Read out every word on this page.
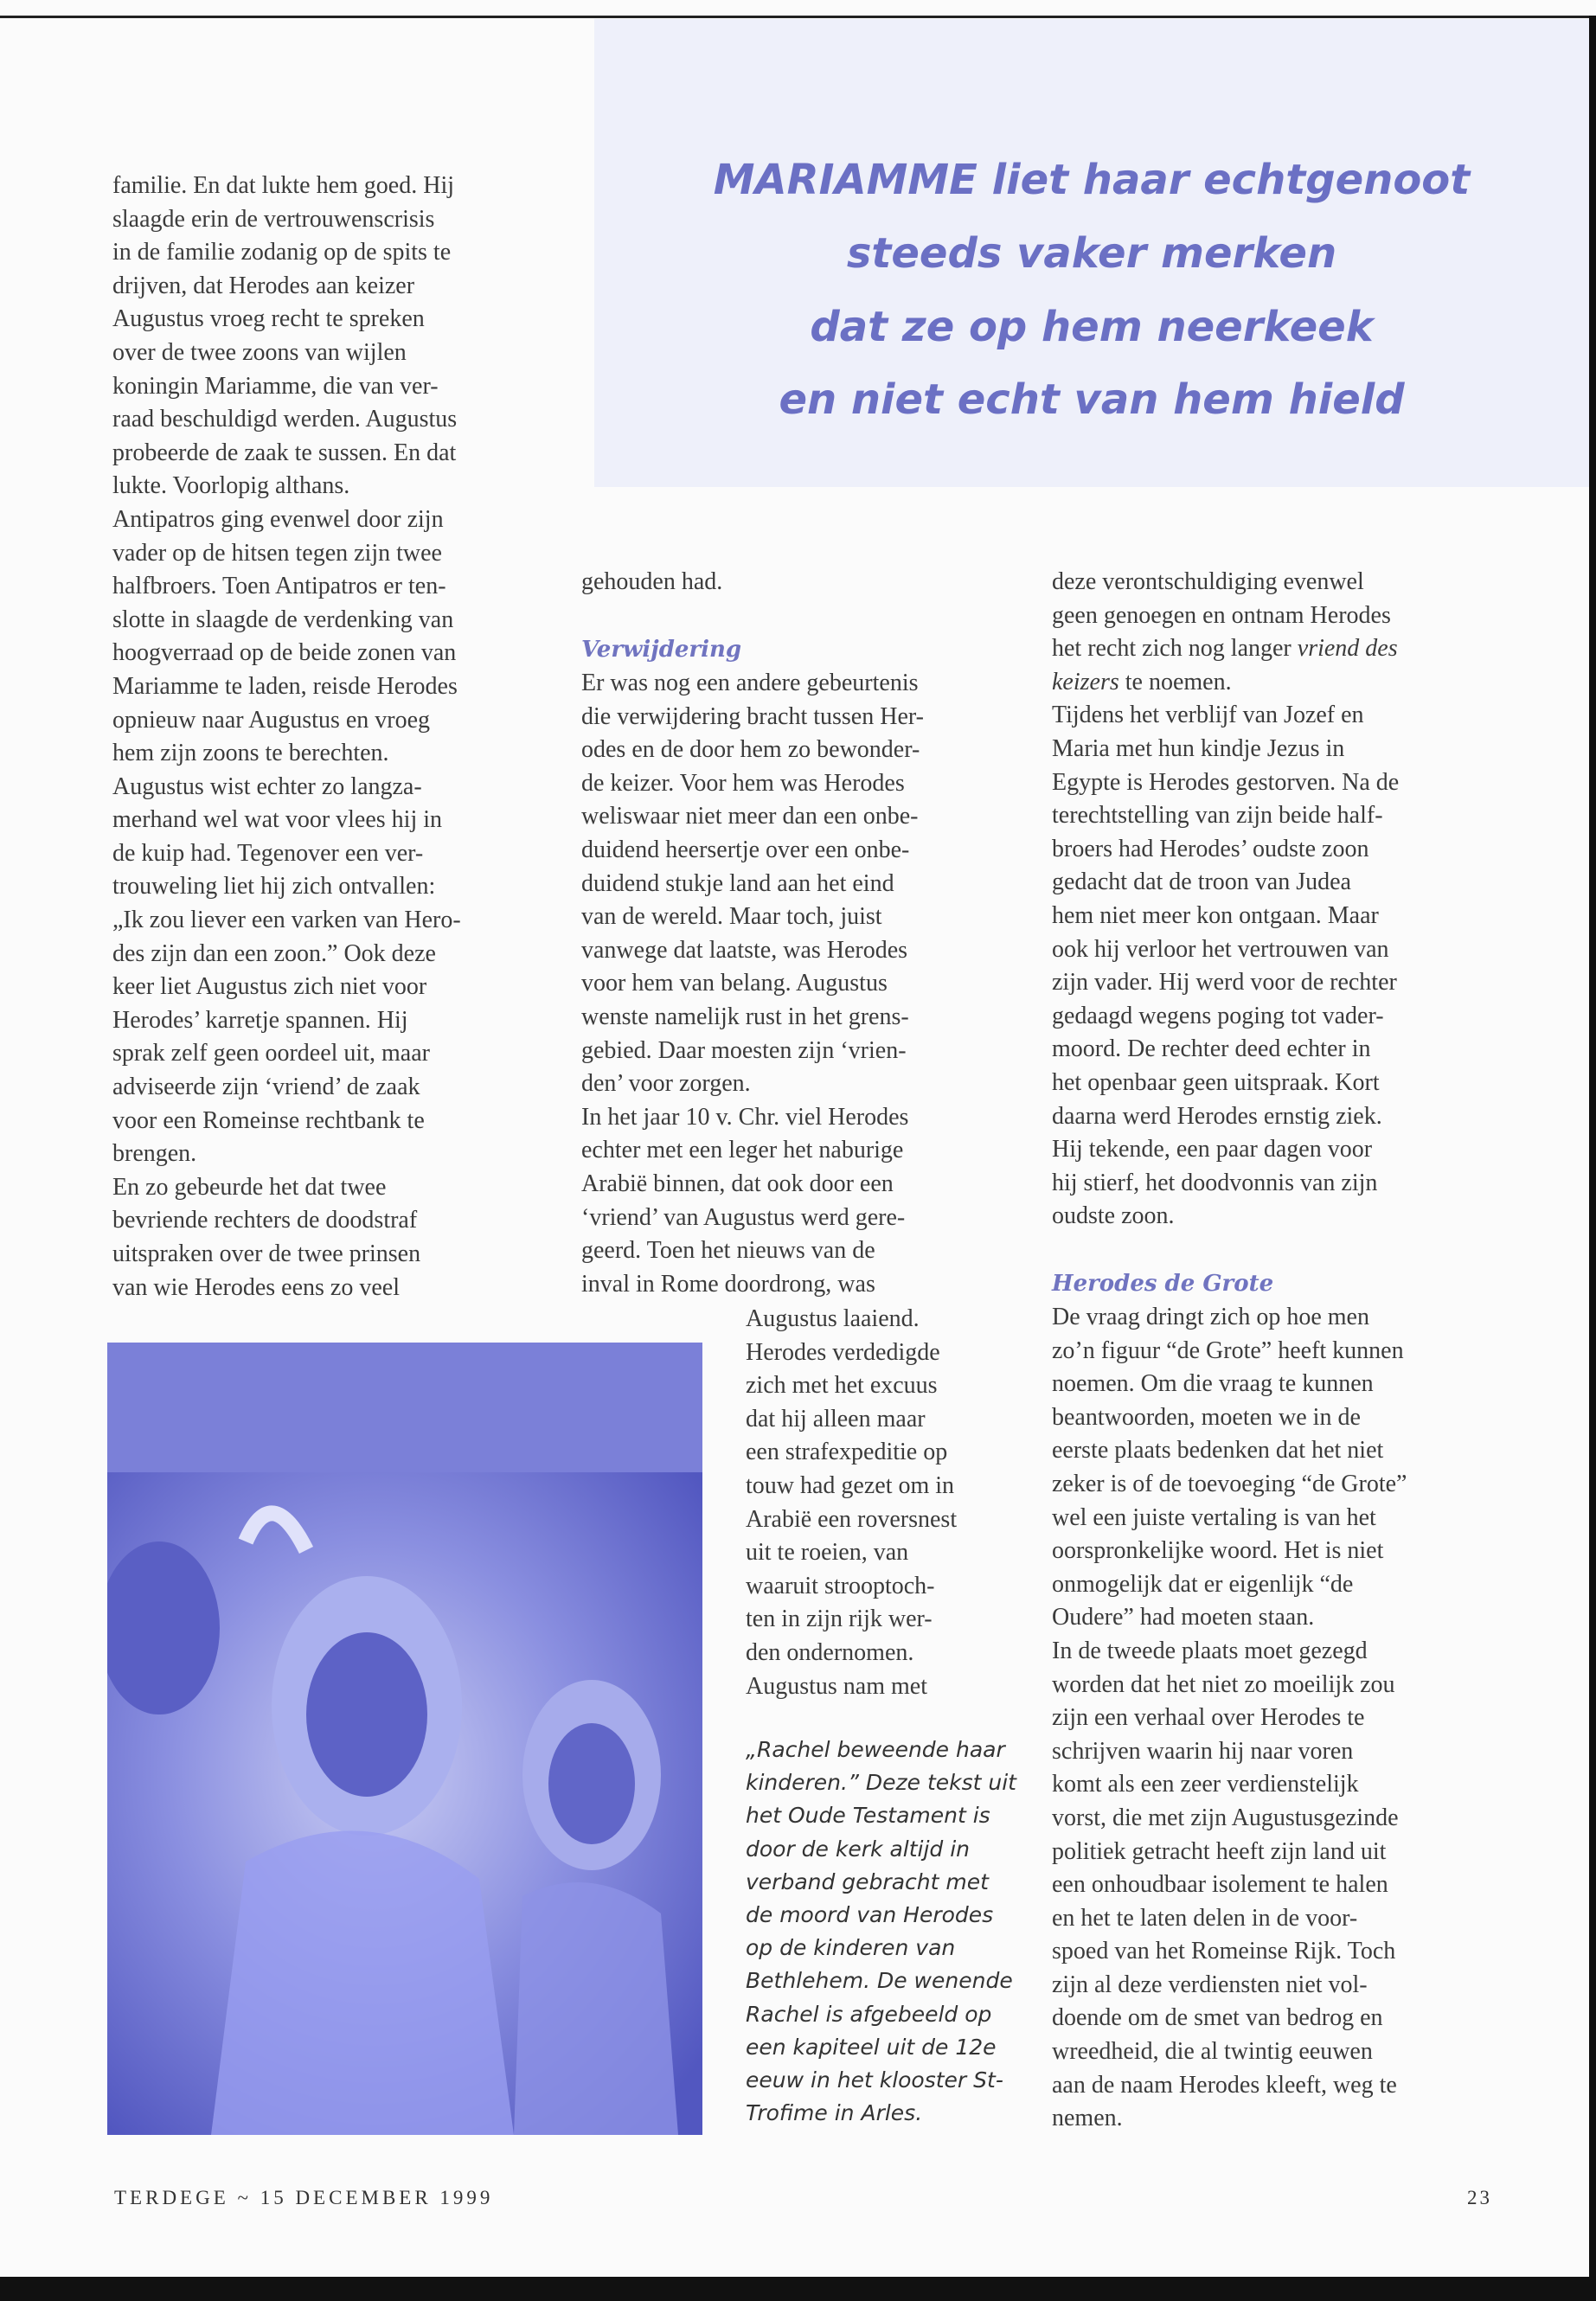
MARIAMME liet haar echtgenoot
steeds vaker merken
dat ze op hem neerkeek
en niet echt van hem hield
familie. En dat lukte hem goed. Hij
slaagde erin de vertrouwenscrisis
in de familie zodanig op de spits te
drijven, dat Herodes aan keizer
Augustus vroeg recht te spreken
over de twee zoons van wijlen
koningin Mariamme, die van ver-
raad beschuldigd werden. Augustus
probeerde de zaak te sussen. En dat
lukte. Voorlopig althans.
Antipatros ging evenwel door zijn
vader op de hitsen tegen zijn twee
halfbroers. Toen Antipatros er ten-
slotte in slaagde de verdenking van
hoogverraad op de beide zonen van
Mariamme te laden, reisde Herodes
opnieuw naar Augustus en vroeg
hem zijn zoons te berechten.
Augustus wist echter zo langza-
merhand wel wat voor vlees hij in
de kuip had. Tegenover een ver-
trouweling liet hij zich ontvallen:
„Ik zou liever een varken van Hero-
des zijn dan een zoon.” Ook deze
keer liet Augustus zich niet voor
Herodes’ karretje spannen. Hij
sprak zelf geen oordeel uit, maar
adviseerde zijn ‘vriend’ de zaak
voor een Romeinse rechtbank te
brengen.
En zo gebeurde het dat twee
bevriende rechters de doodstraf
uitspraken over de twee prinsen
van wie Herodes eens zo veel
gehouden had.
Verwijdering
Er was nog een andere gebeurtenis
die verwijdering bracht tussen Her-
odes en de door hem zo bewonder-
de keizer. Voor hem was Herodes
weliswaar niet meer dan een onbe-
duidend heersertje over een onbe-
duidend stukje land aan het eind
van de wereld. Maar toch, juist
vanwege dat laatste, was Herodes
voor hem van belang. Augustus
wenste namelijk rust in het grens-
gebied. Daar moesten zijn ‘vrien-
den’ voor zorgen.
In het jaar 10 v. Chr. viel Herodes
echter met een leger het naburige
Arabië binnen, dat ook door een
‘vriend’ van Augustus werd gere-
geerd. Toen het nieuws van de
inval in Rome doordrong, was
Augustus laaiend.
Herodes verdedigde
zich met het excuus
dat hij alleen maar
een strafexpeditie op
touw had gezet om in
Arabië een roversnest
uit te roeien, van
waaruit strooptoch-
ten in zijn rijk wer-
den ondernomen.
Augustus nam met
„Rachel beweende haar
kinderen.” Deze tekst uit
het Oude Testament is
door de kerk altijd in
verband gebracht met
de moord van Herodes
op de kinderen van
Bethlehem. De wenende
Rachel is afgebeeld op
een kapiteel uit de 12e
eeuw in het klooster St-
Trofime in Arles.
deze verontschuldiging evenwel
geen genoegen en ontnam Herodes
het recht zich nog langer vriend des
keizers te noemen.
Tijdens het verblijf van Jozef en
Maria met hun kindje Jezus in
Egypte is Herodes gestorven. Na de
terechtstelling van zijn beide half-
broers had Herodes’ oudste zoon
gedacht dat de troon van Judea
hem niet meer kon ontgaan. Maar
ook hij verloor het vertrouwen van
zijn vader. Hij werd voor de rechter
gedaagd wegens poging tot vader-
moord. De rechter deed echter in
het openbaar geen uitspraak. Kort
daarna werd Herodes ernstig ziek.
Hij tekende, een paar dagen voor
hij stierf, het doodvonnis van zijn
oudste zoon.
Herodes de Grote
De vraag dringt zich op hoe men
zo’n figuur “de Grote” heeft kunnen
noemen. Om die vraag te kunnen
beantwoorden, moeten we in de
eerste plaats bedenken dat het niet
zeker is of de toevoeging “de Grote”
wel een juiste vertaling is van het
oorspronkelijke woord. Het is niet
onmogelijk dat er eigenlijk “de
Oudere” had moeten staan.
In de tweede plaats moet gezegd
worden dat het niet zo moeilijk zou
zijn een verhaal over Herodes te
schrijven waarin hij naar voren
komt als een zeer verdienstelijk
vorst, die met zijn Augustusgezinde
politiek getracht heeft zijn land uit
een onhoudbaar isolement te halen
en het te laten delen in de voor-
spoed van het Romeinse Rijk. Toch
zijn al deze verdiensten niet vol-
doende om de smet van bedrog en
wreedheid, die al twintig eeuwen
aan de naam Herodes kleeft, weg te
nemen.
TERDEGE ~ 15 DECEMBER 1999	23
